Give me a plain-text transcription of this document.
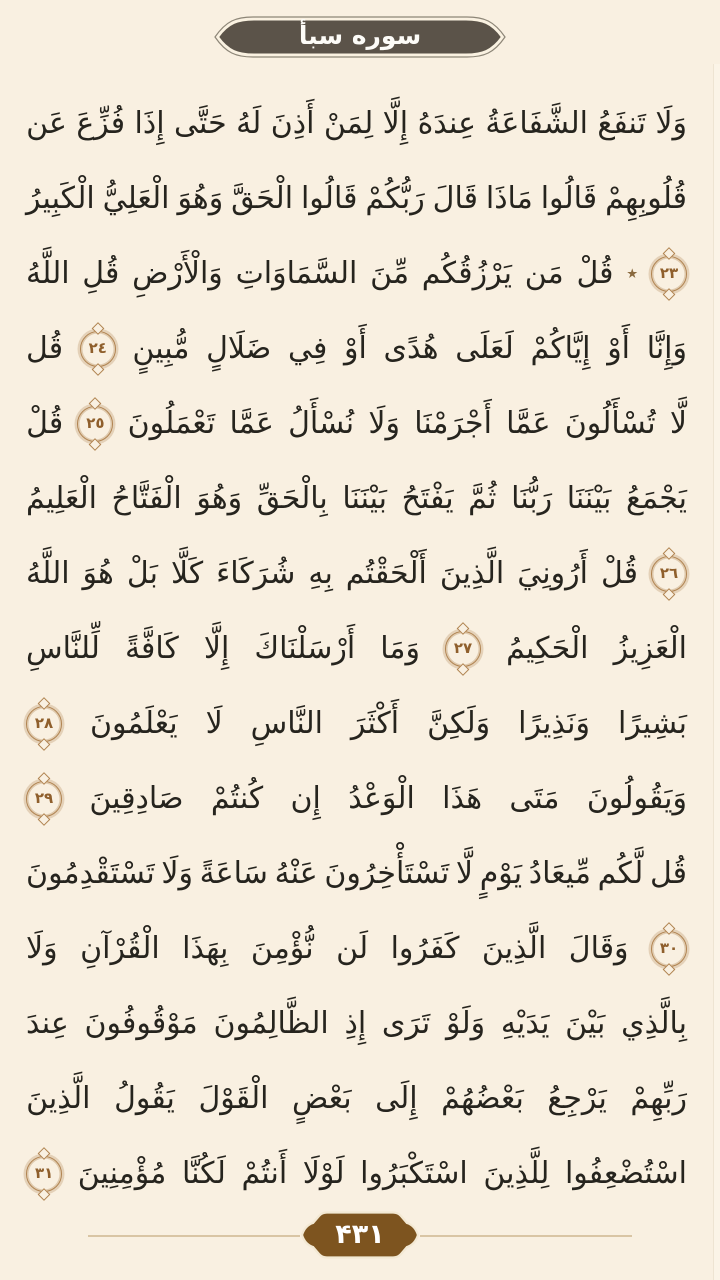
سوره سبأ
وَلَا
تَنفَعُ
الشَّفَاعَةُ
عِندَهُ
إِلَّا
لِمَنْ
أَذِنَ
لَهُ
حَتَّى
إِذَا
فُزِّعَ
عَن
قُلُوبِهِمْ
قَالُوا
مَاذَا
قَالَ
رَبُّكُمْ
قَالُوا
الْحَقَّ
وَهُوَ
الْعَلِيُّ
الْكَبِيرُ
٢٣
٭
قُلْ
مَن
يَرْزُقُكُم
مِّنَ
السَّمَاوَاتِ
وَالْأَرْضِ
قُلِ
اللَّهُ
وَإِنَّا
أَوْ
إِيَّاكُمْ
لَعَلَى
هُدًى
أَوْ
فِي
ضَلَالٍ
مُّبِينٍ
٢٤
قُل
لَّا
تُسْأَلُونَ
عَمَّا
أَجْرَمْنَا
وَلَا
نُسْأَلُ
عَمَّا
تَعْمَلُونَ
٢٥
قُلْ
يَجْمَعُ
بَيْنَنَا
رَبُّنَا
ثُمَّ
يَفْتَحُ
بَيْنَنَا
بِالْحَقِّ
وَهُوَ
الْفَتَّاحُ
الْعَلِيمُ
٢٦
قُلْ
أَرُونِيَ
الَّذِينَ
أَلْحَقْتُم
بِهِ
شُرَكَاءَ
كَلَّا
بَلْ
هُوَ
اللَّهُ
الْعَزِيزُ
الْحَكِيمُ
٢٧
وَمَا
أَرْسَلْنَاكَ
إِلَّا
كَافَّةً
لِّلنَّاسِ
بَشِيرًا
وَنَذِيرًا
وَلَكِنَّ
أَكْثَرَ
النَّاسِ
لَا
يَعْلَمُونَ
٢٨
وَيَقُولُونَ
مَتَى
هَذَا
الْوَعْدُ
إِن
كُنتُمْ
صَادِقِينَ
٢٩
قُل
لَّكُم
مِّيعَادُ
يَوْمٍ
لَّا
تَسْتَأْخِرُونَ
عَنْهُ
سَاعَةً
وَلَا
تَسْتَقْدِمُونَ
٣٠
وَقَالَ
الَّذِينَ
كَفَرُوا
لَن
نُّؤْمِنَ
بِهَذَا
الْقُرْآنِ
وَلَا
بِالَّذِي
بَيْنَ
يَدَيْهِ
وَلَوْ
تَرَى
إِذِ
الظَّالِمُونَ
مَوْقُوفُونَ
عِندَ
رَبِّهِمْ
يَرْجِعُ
بَعْضُهُمْ
إِلَى
بَعْضٍ
الْقَوْلَ
يَقُولُ
الَّذِينَ
اسْتُضْعِفُوا
لِلَّذِينَ
اسْتَكْبَرُوا
لَوْلَا
أَنتُمْ
لَكُنَّا
مُؤْمِنِينَ
٣١
۴۳۱
